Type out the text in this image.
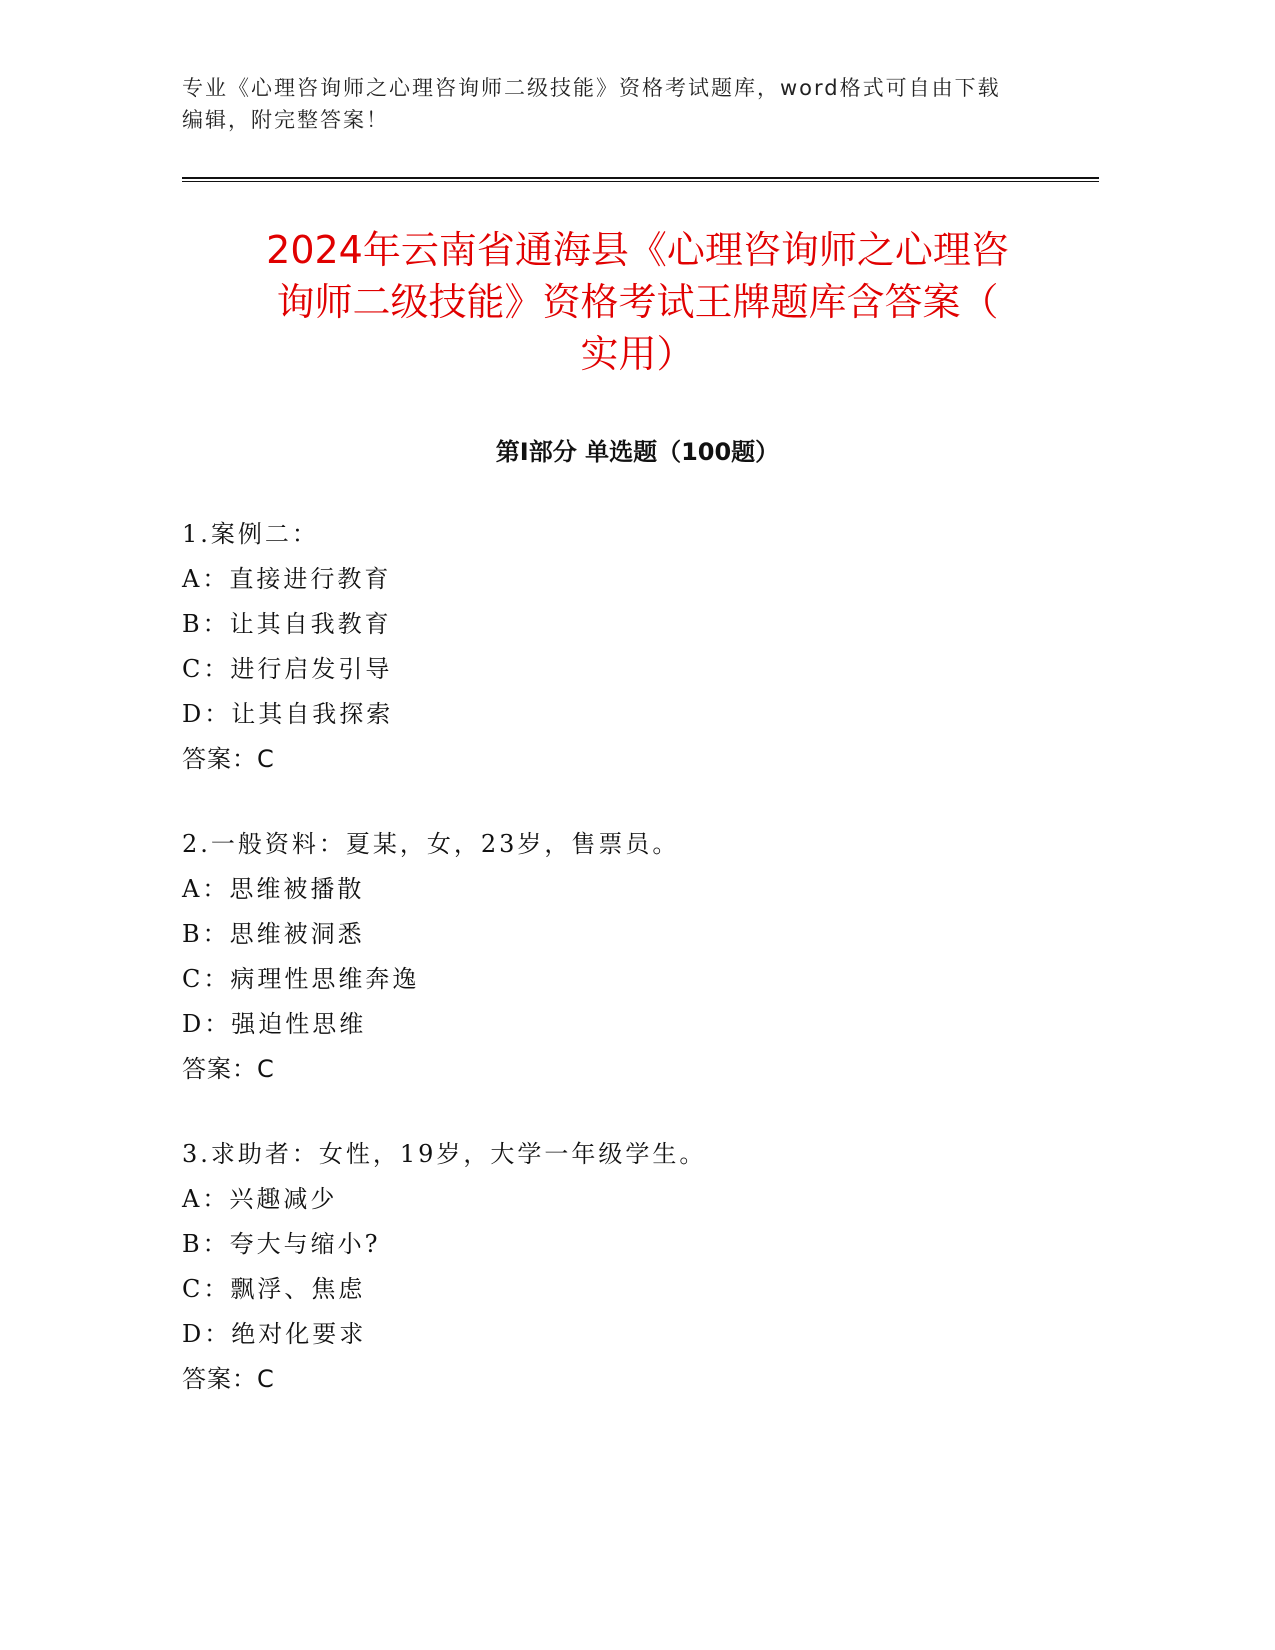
专业《心理咨询师之心理咨询师二级技能》资格考试题库，word格式可自由下载
编辑，附完整答案！
2024年云南省通海县《心理咨询师之心理咨
询师二级技能》资格考试王牌题库含答案（
实用）
第Ⅰ部分 单选题（100题）
1.案例二：
A：直接进行教育
B：让其自我教育
C：进行启发引导
D：让其自我探索
答案：C
2.一般资料：夏某，女，23岁，售票员。
A：思维被播散
B：思维被洞悉
C：病理性思维奔逸
D：强迫性思维
答案：C
3.求助者：女性，19岁，大学一年级学生。
A：兴趣减少
B：夸大与缩小?
C：飘浮、焦虑
D：绝对化要求
答案：C
